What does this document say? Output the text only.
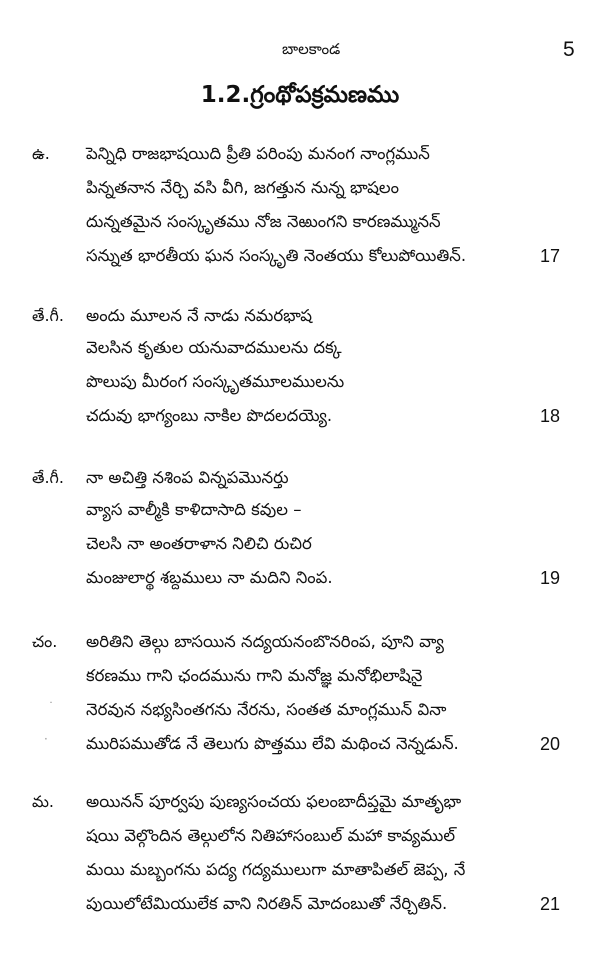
బాలకాండ	5
1.2.గ్రంథోపక్రమణము
ఉ. పెన్నిధి రాజభాషయిది ప్రీతి పరింపు మనంగ నాంగ్లమున్
పిన్నతనాన నేర్చి వసి వీగి, జగత్తున నున్న భాషలం
దున్నతమైన సంస్కృతము నోజ నెఱుంగని కారణమ్మునన్
సన్నుత భారతీయ ఘన సంస్కృతి నెంతయు కోలుపోయితిన్.	17
తే.గీ. అందు మూలన నే నాడు నమరభాష
వెలసిన కృతుల యనువాదములను దక్క
పొలుపు మీరంగ సంస్కృతమూలములను
చదువు భాగ్యంబు నాకిల పొదలదయ్యె.	18
తే.గీ. నా అచిత్తి నశింప విన్నపమొనర్తు
వ్యాస వాల్మీకి కాళిదాసాది కవుల –
చెలసి నా అంతరాళాన నిలిచి రుచిర
మంజులార్థ శబ్దములు నా మదిని నింప.	19
చం. అరితిని తెల్గు బాసయిన నద్యయనంబొనరింప, పూని వ్యా
కరణము గాని ఛందమును గాని మనోజ్ఞ మనోభిలాషినై
నెరవున నభ్యసింతగను నేరను, సంతత మాంగ్లమున్ వినా
మురిపముతోడ నే తెలుగు పొత్తము లేవి మథించ నెన్నడున్.	20
˙
·
మ. అయినన్ పూర్వపు పుణ్యసంచయ ఫలంబాదీప్తమై మాతృభా
షయి వెల్గొందిన తెల్గులోన నితిహాసంబుల్ మహా కావ్యముల్
మయి మబ్బంగను పద్య గద్యములుగా మాతాపితల్ జెప్ప, నే
పుయిలోటేమియులేక వాని నిరతిన్ మోదంబుతో నేర్చితిన్.	21
